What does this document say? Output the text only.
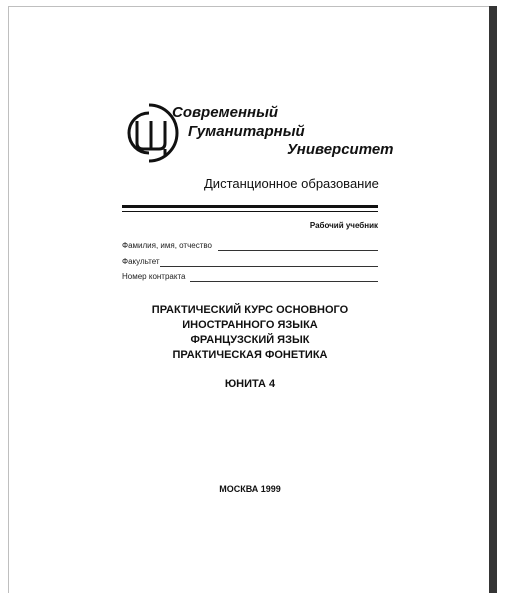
Современный
Гуманитарный
Университет
Дистанционное образование
Рабочий учебник
Фамилия, имя, отчество
Факультет
Номер контракта
ПРАКТИЧЕСКИЙ КУРС ОСНОВНОГО
ИНОСТРАННОГО ЯЗЫКА
ФРАНЦУЗСКИЙ ЯЗЫК
ПРАКТИЧЕСКАЯ ФОНЕТИКА
ЮНИТА 4
МОСКВА 1999
